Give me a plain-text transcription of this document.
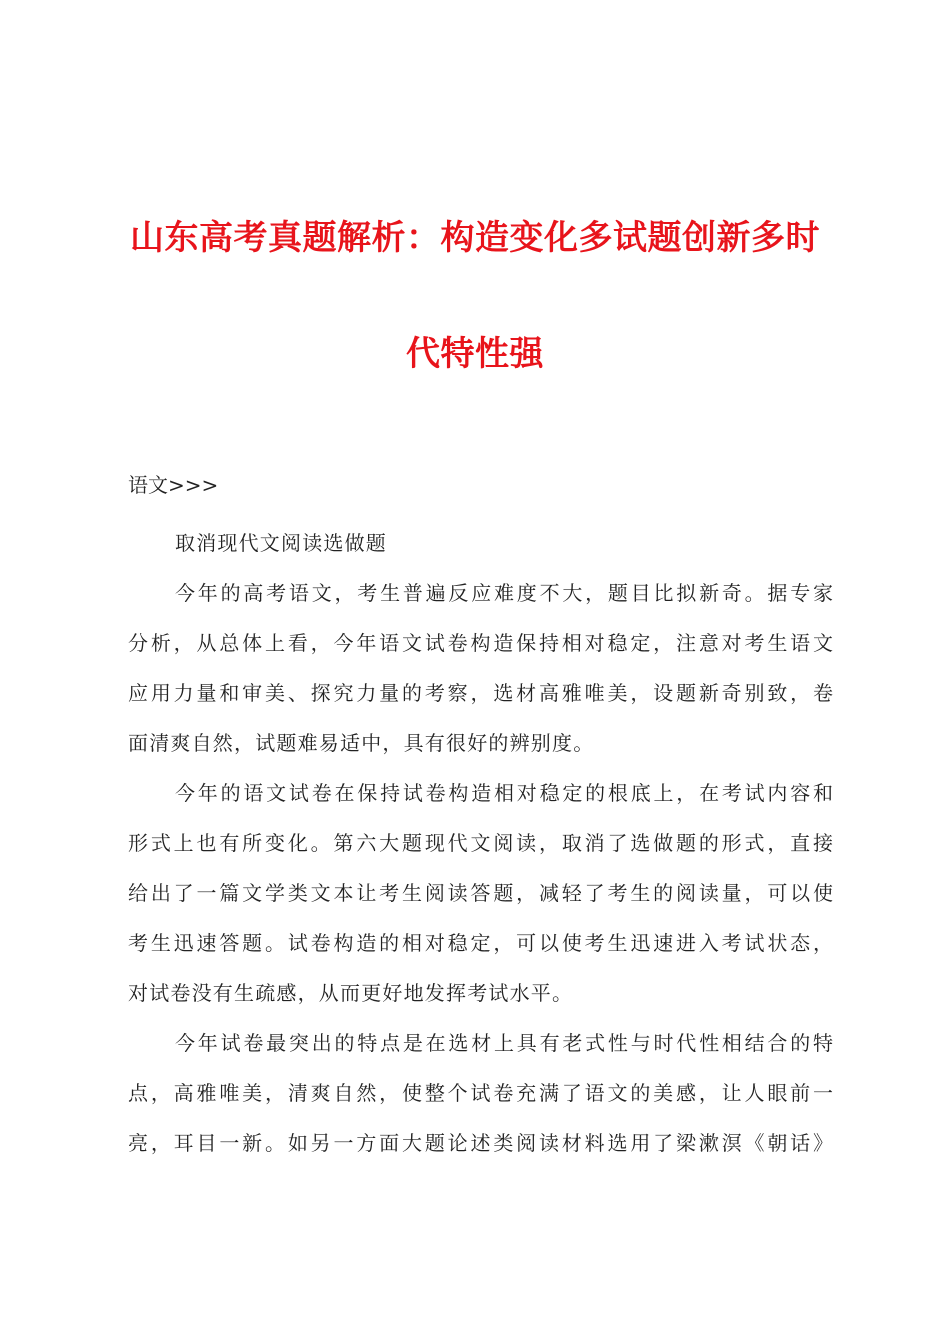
山东高考真题解析：构造变化多试题创新多时
代特性强
语文>>>
取消现代文阅读选做题
今年的高考语文，考生普遍反应难度不大，题目比拟新奇。据专家
分析，从总体上看，今年语文试卷构造保持相对稳定，注意对考生语文
应用力量和审美、探究力量的考察，选材高雅唯美，设题新奇别致，卷
面清爽自然，试题难易适中，具有很好的辨别度。
今年的语文试卷在保持试卷构造相对稳定的根底上，在考试内容和
形式上也有所变化。第六大题现代文阅读，取消了选做题的形式，直接
给出了一篇文学类文本让考生阅读答题，减轻了考生的阅读量，可以使
考生迅速答题。试卷构造的相对稳定，可以使考生迅速进入考试状态，
对试卷没有生疏感，从而更好地发挥考试水平。
今年试卷最突出的特点是在选材上具有老式性与时代性相结合的特
点，高雅唯美，清爽自然，使整个试卷充满了语文的美感，让人眼前一
亮，耳目一新。如另一方面大题论述类阅读材料选用了梁漱溟《朝话》
